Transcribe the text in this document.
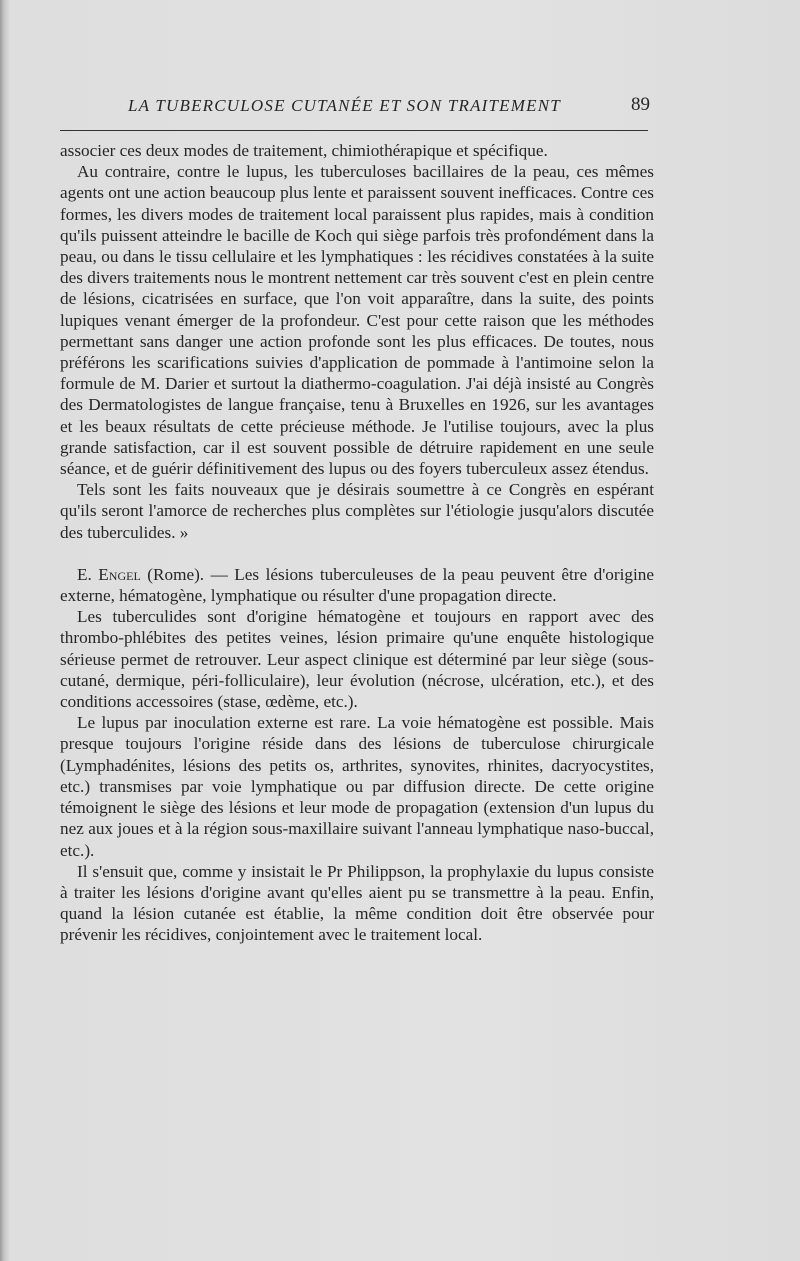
LA TUBERCULOSE CUTANÉE ET SON TRAITEMENT	89

associer ces deux modes de traitement, chimiothérapique et spécifique.

Au contraire, contre le lupus, les tuberculoses bacillaires de la peau, ces mêmes agents ont une action beaucoup plus lente et paraissent souvent inefficaces. Contre ces formes, les divers modes de traitement local paraissent plus rapides, mais à condition qu'ils puissent atteindre le bacille de Koch qui siège parfois très profondément dans la peau, ou dans le tissu cellulaire et les lymphatiques : les récidives constatées à la suite des divers traitements nous le montrent nettement car très souvent c'est en plein centre de lésions, cicatrisées en surface, que l'on voit apparaître, dans la suite, des points lupiques venant émerger de la profondeur. C'est pour cette raison que les méthodes permettant sans danger une action profonde sont les plus efficaces. De toutes, nous préférons les scarifications suivies d'application de pommade à l'antimoine selon la formule de M. Darier et surtout la diathermo-coagulation. J'ai déjà insisté au Congrès des Dermatologistes de langue française, tenu à Bruxelles en 1926, sur les avantages et les beaux résultats de cette précieuse méthode. Je l'utilise toujours, avec la plus grande satisfaction, car il est souvent possible de détruire rapidement en une seule séance, et de guérir définitivement des lupus ou des foyers tuberculeux assez étendus.

Tels sont les faits nouveaux que je désirais soumettre à ce Congrès en espérant qu'ils seront l'amorce de recherches plus complètes sur l'étiologie jusqu'alors discutée des tuberculides. »

E. Engel (Rome). — Les lésions tuberculeuses de la peau peuvent être d'origine externe, hématogène, lymphatique ou résulter d'une propagation directe.

Les tuberculides sont d'origine hématogène et toujours en rapport avec des thrombo-phlébites des petites veines, lésion primaire qu'une enquête histologique sérieuse permet de retrouver. Leur aspect clinique est déterminé par leur siège (sous-cutané, dermique, péri-folliculaire), leur évolution (nécrose, ulcération, etc.), et des conditions accessoires (stase, œdème, etc.).

Le lupus par inoculation externe est rare. La voie hématogène est possible. Mais presque toujours l'origine réside dans des lésions de tuberculose chirurgicale (Lymphadénites, lésions des petits os, arthrites, synovites, rhinites, dacryocystites, etc.) transmises par voie lymphatique ou par diffusion directe. De cette origine témoignent le siège des lésions et leur mode de propagation (extension d'un lupus du nez aux joues et à la région sous-maxillaire suivant l'anneau lymphatique naso-buccal, etc.).

Il s'ensuit que, comme y insistait le Pr Philippson, la prophylaxie du lupus consiste à traiter les lésions d'origine avant qu'elles aient pu se transmettre à la peau. Enfin, quand la lésion cutanée est établie, la même condition doit être observée pour prévenir les récidives, conjointement avec le traitement local.
